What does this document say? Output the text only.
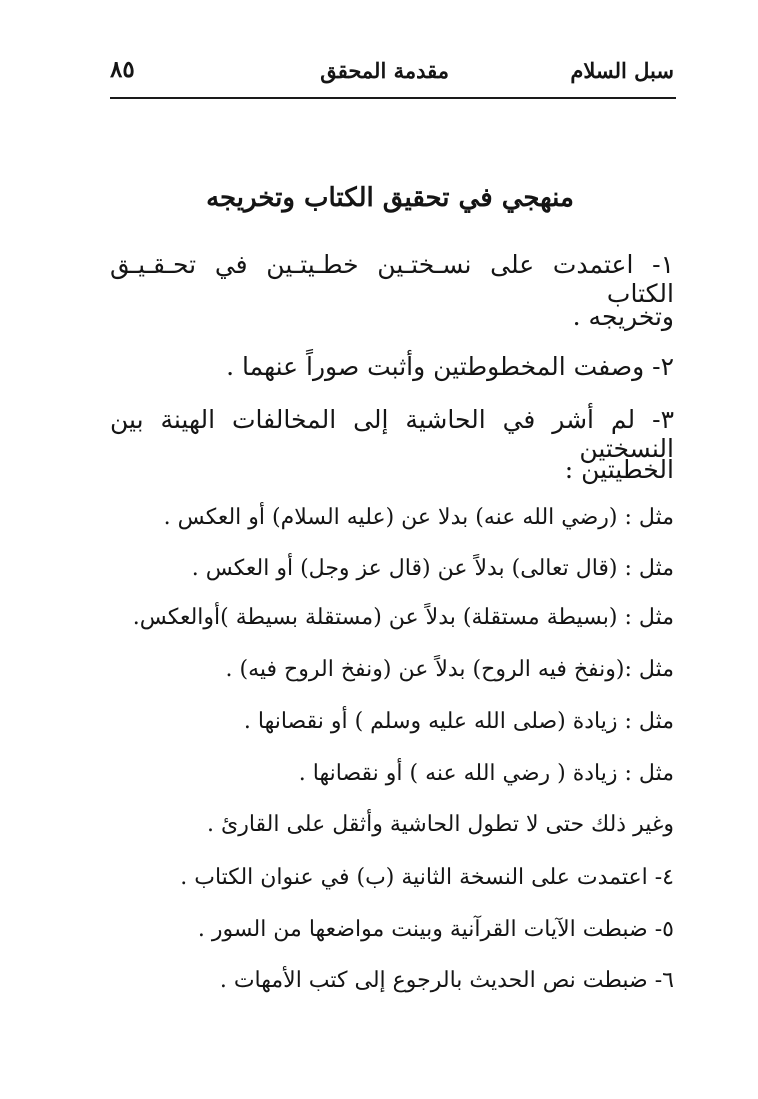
سبل السلام
مقدمة المحقق
٨٥
منهجي في تحقيق الكتاب وتخريجه
١- اعتمدت على نسـختـين خطـيتـين في تحـقـيـق الكتاب
وتخريجه .
٢- وصفت المخطوطتين وأثبت صوراً عنهما .
٣- لم أشر في الحاشية إلى المخالفات الهينة بين النسختين
الخطيتين :
مثل : (رضي الله عنه) بدلا عن (عليه السلام) أو العكس .
مثل : (قال تعالى) بدلاً عن (قال عز وجل) أو العكس .
مثل : (بسيطة مستقلة) بدلاً عن (مستقلة بسيطة )أوالعكس.
مثل :(ونفخ فيه الروح) بدلاً عن (ونفخ الروح فيه) .
مثل : زيادة (صلى الله عليه وسلم ) أو نقصانها .
مثل : زيادة ( رضي الله عنه ) أو نقصانها .
وغير ذلك حتى لا تطول الحاشية وأثقل على القارئ .
٤- اعتمدت على النسخة الثانية (ب) في عنوان الكتاب .
٥- ضبطت الآيات القرآنية وبينت مواضعها من السور .
٦- ضبطت نص الحديث بالرجوع إلى كتب الأمهات .
